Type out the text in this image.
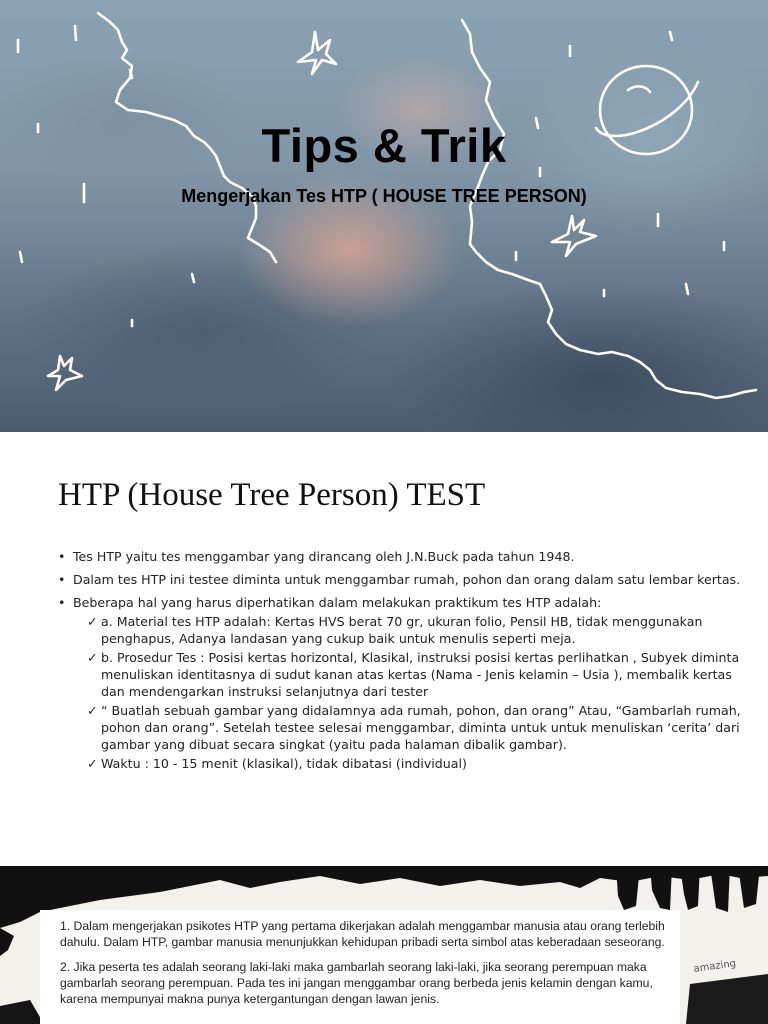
Tips & Trik
Mengerjakan Tes HTP ( HOUSE TREE PERSON)
HTP (House Tree Person) TEST
• Tes HTP yaitu tes menggambar yang dirancang oleh J.N.Buck pada tahun 1948.
• Dalam tes HTP ini testee diminta untuk menggambar rumah, pohon dan orang dalam satu lembar kertas.
• Beberapa hal yang harus diperhatikan dalam melakukan praktikum tes HTP adalah:
✓ a. Material tes HTP adalah: Kertas HVS berat 70 gr, ukuran folio, Pensil HB, tidak menggunakan penghapus, Adanya landasan yang cukup baik untuk menulis seperti meja.
✓ b. Prosedur Tes : Posisi kertas horizontal, Klasikal, instruksi posisi kertas perlihatkan , Subyek diminta menuliskan identitasnya di sudut kanan atas kertas (Nama - Jenis kelamin – Usia ), membalik kertas dan mendengarkan instruksi selanjutnya dari tester
✓ “ Buatlah sebuah gambar yang didalamnya ada rumah, pohon, dan orang” Atau, “Gambarlah rumah, pohon dan orang”. Setelah testee selesai menggambar, diminta untuk untuk menuliskan ‘cerita’ dari gambar yang dibuat secara singkat (yaitu pada halaman dibalik gambar).
✓ Waktu : 10 - 15 menit (klasikal), tidak dibatasi (individual)
amazing

1. Dalam mengerjakan psikotes HTP yang pertama dikerjakan adalah menggambar manusia atau orang terlebih dahulu. Dalam HTP, gambar manusia menunjukkan kehidupan pribadi serta simbol atas keberadaan seseorang.

2. Jika peserta tes adalah seorang laki-laki maka gambarlah seorang laki-laki, jika seorang perempuan maka gambarlah seorang perempuan. Pada tes ini jangan menggambar orang berbeda jenis kelamin dengan kamu, karena mempunyai makna punya ketergantungan dengan lawan jenis.
